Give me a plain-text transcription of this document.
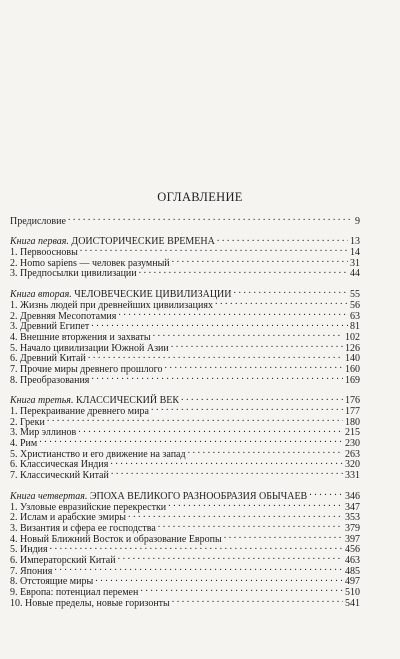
ОГЛАВЛЕНИЕ
Предисловие . . .	9
Книга первая. ДОИСТОРИЧЕСКИЕ ВРЕМЕНА . . .	13
1. Первоосновы . . .	14
2. Homo sapiens — человек разумный . . .	31
3. Предпосылки цивилизации . . .	44
Книга вторая. ЧЕЛОВЕЧЕСКИЕ ЦИВИЛИЗАЦИИ . . .	55
1. Жизнь людей при древнейших цивилизациях . . .	56
2. Древняя Месопотамия . . .	63
3. Древний Египет . . .	81
4. Внешние вторжения и захваты . . .	102
5. Начало цивилизации Южной Азии . . .	126
6. Древний Китай . . .	140
7. Прочие миры древнего прошлого . . .	160
8. Преобразования . . .	169
Книга третья. КЛАССИЧЕСКИЙ ВЕК . . .	176
1. Перекраивание древнего мира . . .	177
2. Греки . . .	180
3. Мир эллинов . . .	215
4. Рим . . .	230
5. Христианство и его движение на запад . . .	263
6. Классическая Индия . . .	320
7. Классический Китай . . .	331
Книга четвертая. ЭПОХА ВЕЛИКОГО РАЗНООБРАЗИЯ ОБЫЧАЕВ . . .	346
1. Узловые евразийские перекрестки . . .	347
2. Ислам и арабские эмиры . . .	353
3. Византия и сфера ее господства . . .	379
4. Новый Ближний Восток и образование Европы . . .	397
5. Индия . . .	456
6. Императорский Китай . . .	463
7. Япония . . .	485
8. Отстоящие миры . . .	497
9. Европа: потенциал перемен . . .	510
10. Новые пределы, новые горизонты . . .	541
